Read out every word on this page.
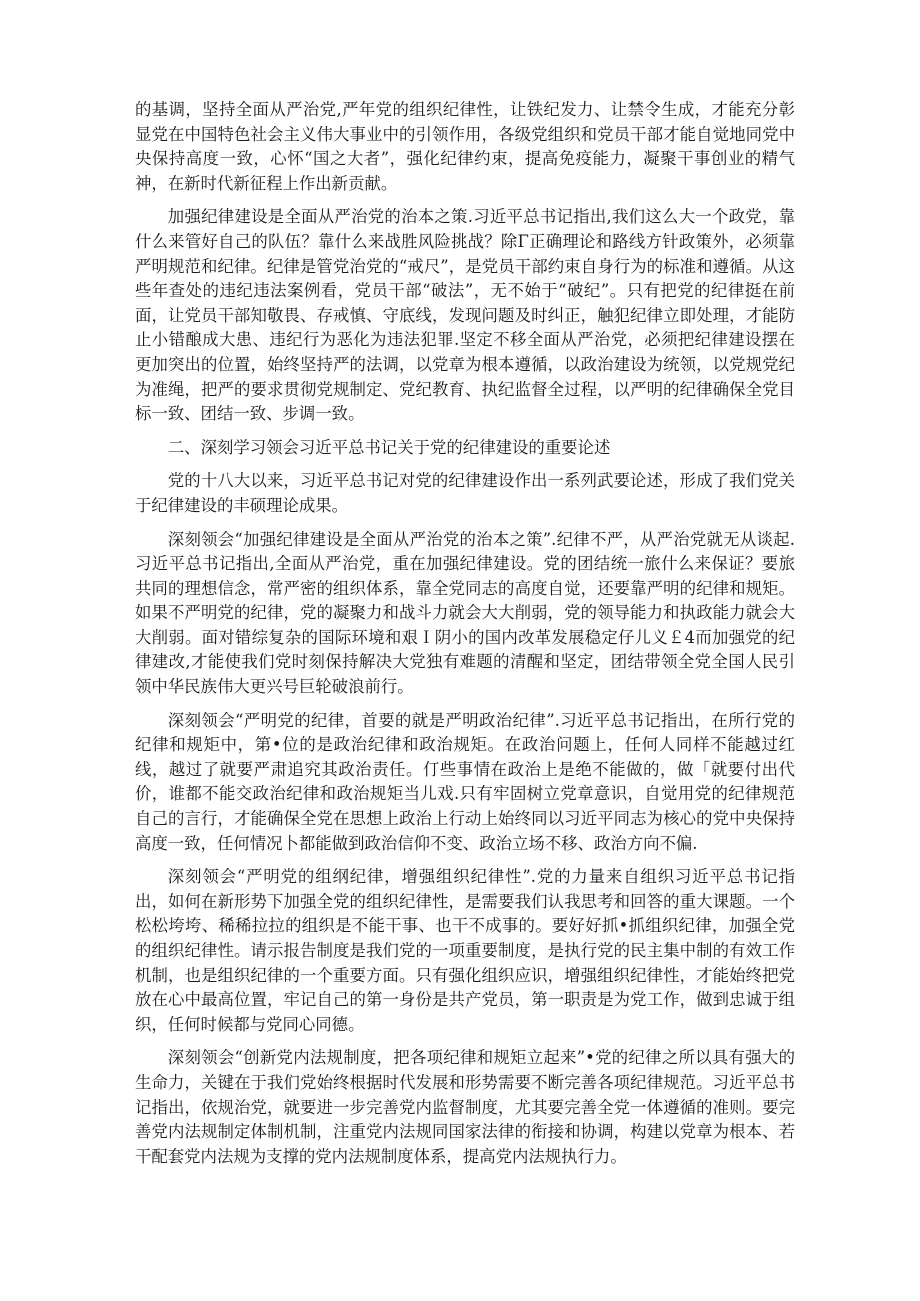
的基调，坚持全面从严治党,严年党的组织纪律性，让铁纪发力、让禁令生成，才能充分彰显党在中国特色社会主义伟大事业中的引领作用，各级党组织和党员干部才能自觉地同党中央保持高度一致，心怀“国之大者”，强化纪律约束，提高免疫能力，凝聚干事创业的精气神，在新时代新征程上作出新贡献。

加强纪律建设是全面从严治党的治本之策.习近平总书记指出,我们这么大一个政党，靠什么来管好自己的队伍？靠什么来战胜风险挑战？除Γ正确理论和路线方针政策外，必须靠严明规范和纪律。纪律是管党治党的“戒尺”，是党员干部约束自身行为的标准和遵循。从这些年查处的违纪违法案例看，党员干部“破法”，无不始于“破纪”。只有把党的纪律挺在前面，让党员干部知敬畏、存戒慎、守底线，发现问题及时纠正，触犯纪律立即处理，才能防止小错酿成大患、违纪行为恶化为违法犯罪.坚定不移全面从严治党，必须把纪律建设摆在更加突出的位置，始终坚持严的法调，以党章为根本遵循，以政治建设为统领，以党规党纪为准绳，把严的要求贯彻党规制定、党纪教育、执纪监督全过程，以严明的纪律确保全党目标一致、团结一致、步调一致。

二、深刻学习领会习近平总书记关于党的纪律建设的重要论述

党的十八大以来，习近平总书记对党的纪律建设作出一系列武要论述，形成了我们党关于纪律建设的丰硕理论成果。

深刻领会“加强纪律建设是全面从严治党的治本之策”.纪律不严，从严治党就无从谈起.习近平总书记指出,全面从严治党，重在加强纪律建设。党的团结统一旅什么来保证？要旅共同的理想信念，常严密的组织体系，靠全党同志的高度自觉，还要靠严明的纪律和规矩。如果不严明党的纪律，党的凝聚力和战斗力就会大大削弱，党的领导能力和执政能力就会大大削弱。面对错综复杂的国际环境和艰Ｉ阴小的国内改革发展稳定仔儿义￡4而加强党的纪律建改,才能使我们党时刻保持解决大党独有难题的清醒和坚定，团结带领全党全国人民引领中华民族伟大更兴号巨轮破浪前行。

深刻领会“严明党的纪律，首要的就是严明政治纪律”.习近平总书记指出，在所行党的纪律和规矩中，第•位的是政治纪律和政治规矩。在政治问题上，任何人同样不能越过红线，越过了就要严肃追究其政治责任。仃些事情在政治上是绝不能做的，做「就要付出代价，谁都不能交政治纪律和政治规矩当儿戏.只有牢固树立党章意识，自觉用党的纪律规范自己的言行，才能确保全党在思想上政治上行动上始终同以习近平同志为核心的党中央保持高度一致，任何情况卜都能做到政治信仰不变、政治立场不移、政治方向不偏.

深刻领会“严明党的组纲纪律，增强组织纪律性”.党的力量来自组织习近平总书记指出，如何在新形势下加强全党的组织纪律性，是需要我们认我思考和回答的重大课题。一个松松垮垮、稀稀拉拉的组织是不能干事、也干不成事的。要好好抓•抓组织纪律，加强全党的组织纪律性。请示报告制度是我们党的一项重要制度，是执行党的民主集中制的有效工作机制，也是组织纪律的一个重要方面。只有强化组织应识，增强组织纪律性，才能始终把党放在心中最高位置，牢记自己的第一身份是共产党员，第一职责是为党工作，做到忠诚于组织，任何时候都与党同心同德。

深刻领会“创新党内法规制度，把各项纪律和规矩立起来”•党的纪律之所以具有强大的生命力，关键在于我们党始终根据时代发展和形势需要不断完善各项纪律规范。习近平总书记指出，依规治党，就要进一步完善党内监督制度，尤其要完善全党一体遵循的准则。要完善党内法规制定体制机制，注重党内法规同国家法律的衔接和协调，构建以党章为根本、若干配套党内法规为支撑的党内法规制度体系，提高党内法规执行力。
